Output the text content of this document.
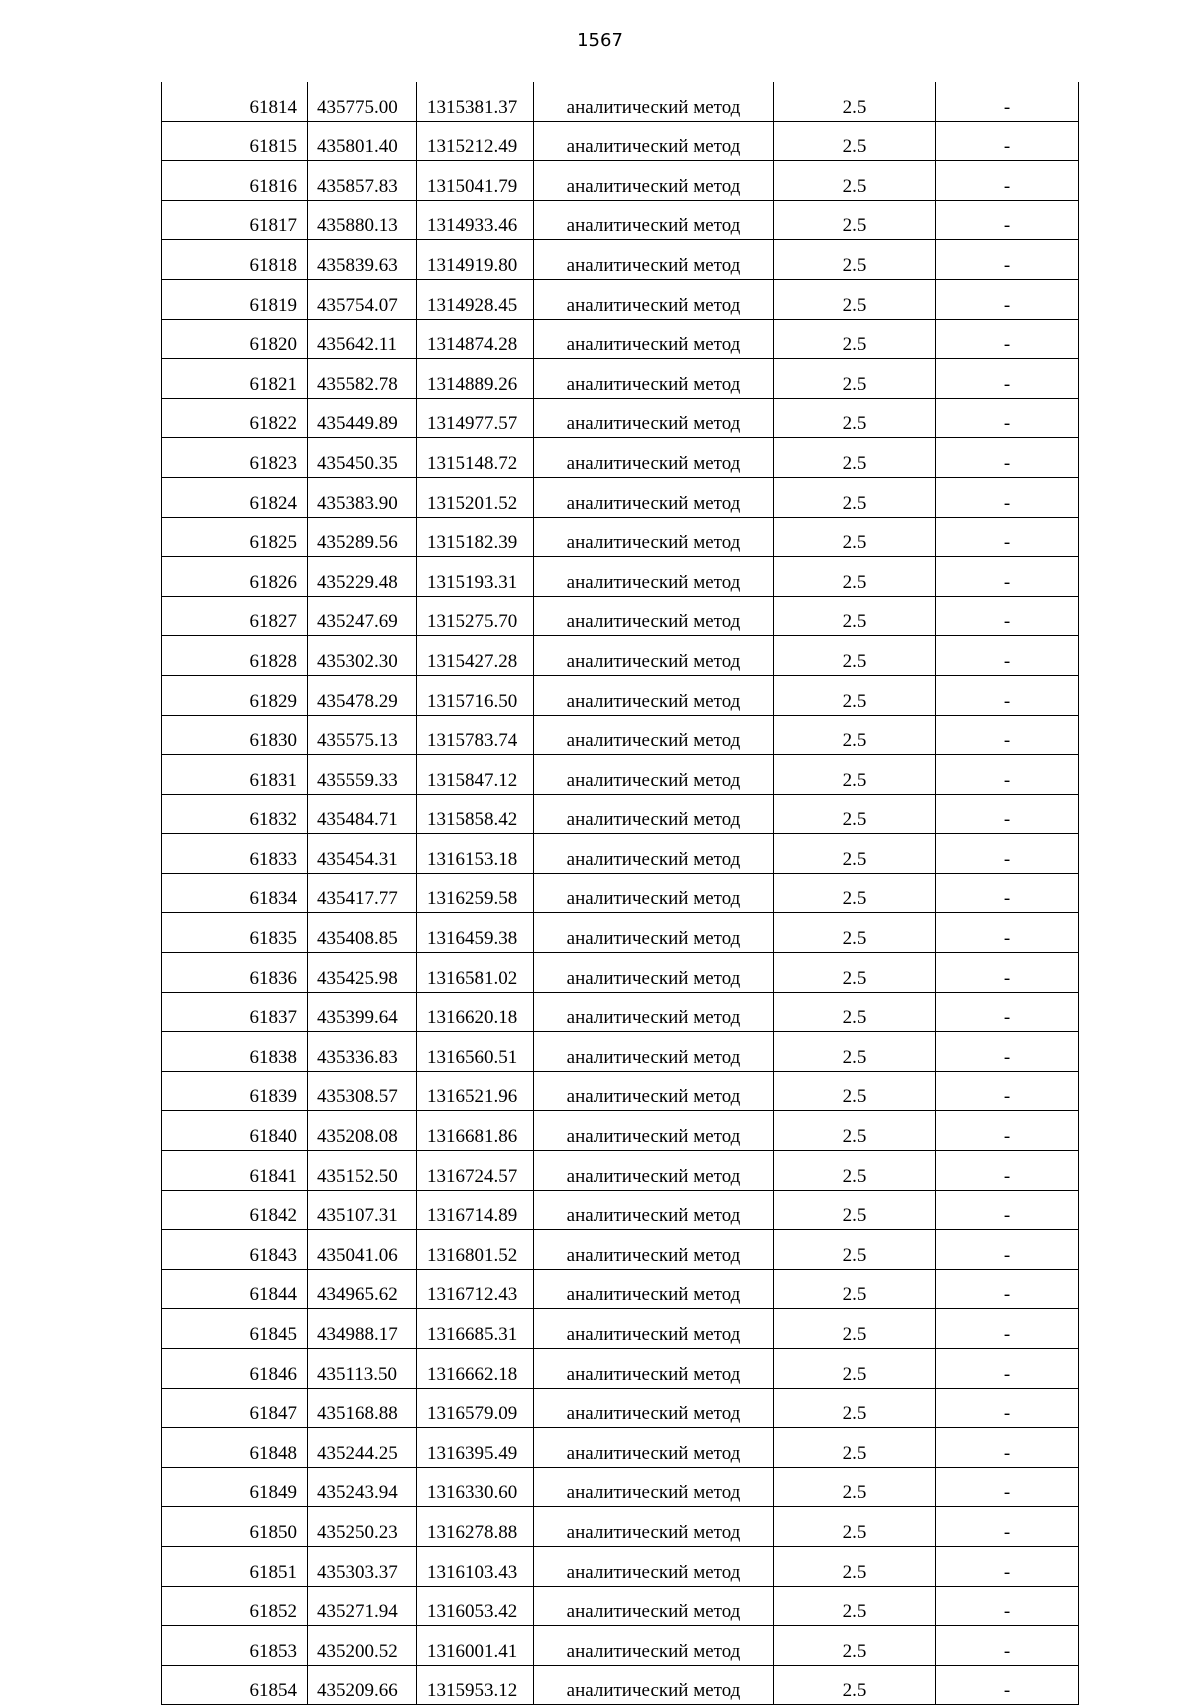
1567
61814	435775.00	1315381.37	аналитический метод	2.5	-
61815	435801.40	1315212.49	аналитический метод	2.5	-
61816	435857.83	1315041.79	аналитический метод	2.5	-
61817	435880.13	1314933.46	аналитический метод	2.5	-
61818	435839.63	1314919.80	аналитический метод	2.5	-
61819	435754.07	1314928.45	аналитический метод	2.5	-
61820	435642.11	1314874.28	аналитический метод	2.5	-
61821	435582.78	1314889.26	аналитический метод	2.5	-
61822	435449.89	1314977.57	аналитический метод	2.5	-
61823	435450.35	1315148.72	аналитический метод	2.5	-
61824	435383.90	1315201.52	аналитический метод	2.5	-
61825	435289.56	1315182.39	аналитический метод	2.5	-
61826	435229.48	1315193.31	аналитический метод	2.5	-
61827	435247.69	1315275.70	аналитический метод	2.5	-
61828	435302.30	1315427.28	аналитический метод	2.5	-
61829	435478.29	1315716.50	аналитический метод	2.5	-
61830	435575.13	1315783.74	аналитический метод	2.5	-
61831	435559.33	1315847.12	аналитический метод	2.5	-
61832	435484.71	1315858.42	аналитический метод	2.5	-
61833	435454.31	1316153.18	аналитический метод	2.5	-
61834	435417.77	1316259.58	аналитический метод	2.5	-
61835	435408.85	1316459.38	аналитический метод	2.5	-
61836	435425.98	1316581.02	аналитический метод	2.5	-
61837	435399.64	1316620.18	аналитический метод	2.5	-
61838	435336.83	1316560.51	аналитический метод	2.5	-
61839	435308.57	1316521.96	аналитический метод	2.5	-
61840	435208.08	1316681.86	аналитический метод	2.5	-
61841	435152.50	1316724.57	аналитический метод	2.5	-
61842	435107.31	1316714.89	аналитический метод	2.5	-
61843	435041.06	1316801.52	аналитический метод	2.5	-
61844	434965.62	1316712.43	аналитический метод	2.5	-
61845	434988.17	1316685.31	аналитический метод	2.5	-
61846	435113.50	1316662.18	аналитический метод	2.5	-
61847	435168.88	1316579.09	аналитический метод	2.5	-
61848	435244.25	1316395.49	аналитический метод	2.5	-
61849	435243.94	1316330.60	аналитический метод	2.5	-
61850	435250.23	1316278.88	аналитический метод	2.5	-
61851	435303.37	1316103.43	аналитический метод	2.5	-
61852	435271.94	1316053.42	аналитический метод	2.5	-
61853	435200.52	1316001.41	аналитический метод	2.5	-
61854	435209.66	1315953.12	аналитический метод	2.5	-
